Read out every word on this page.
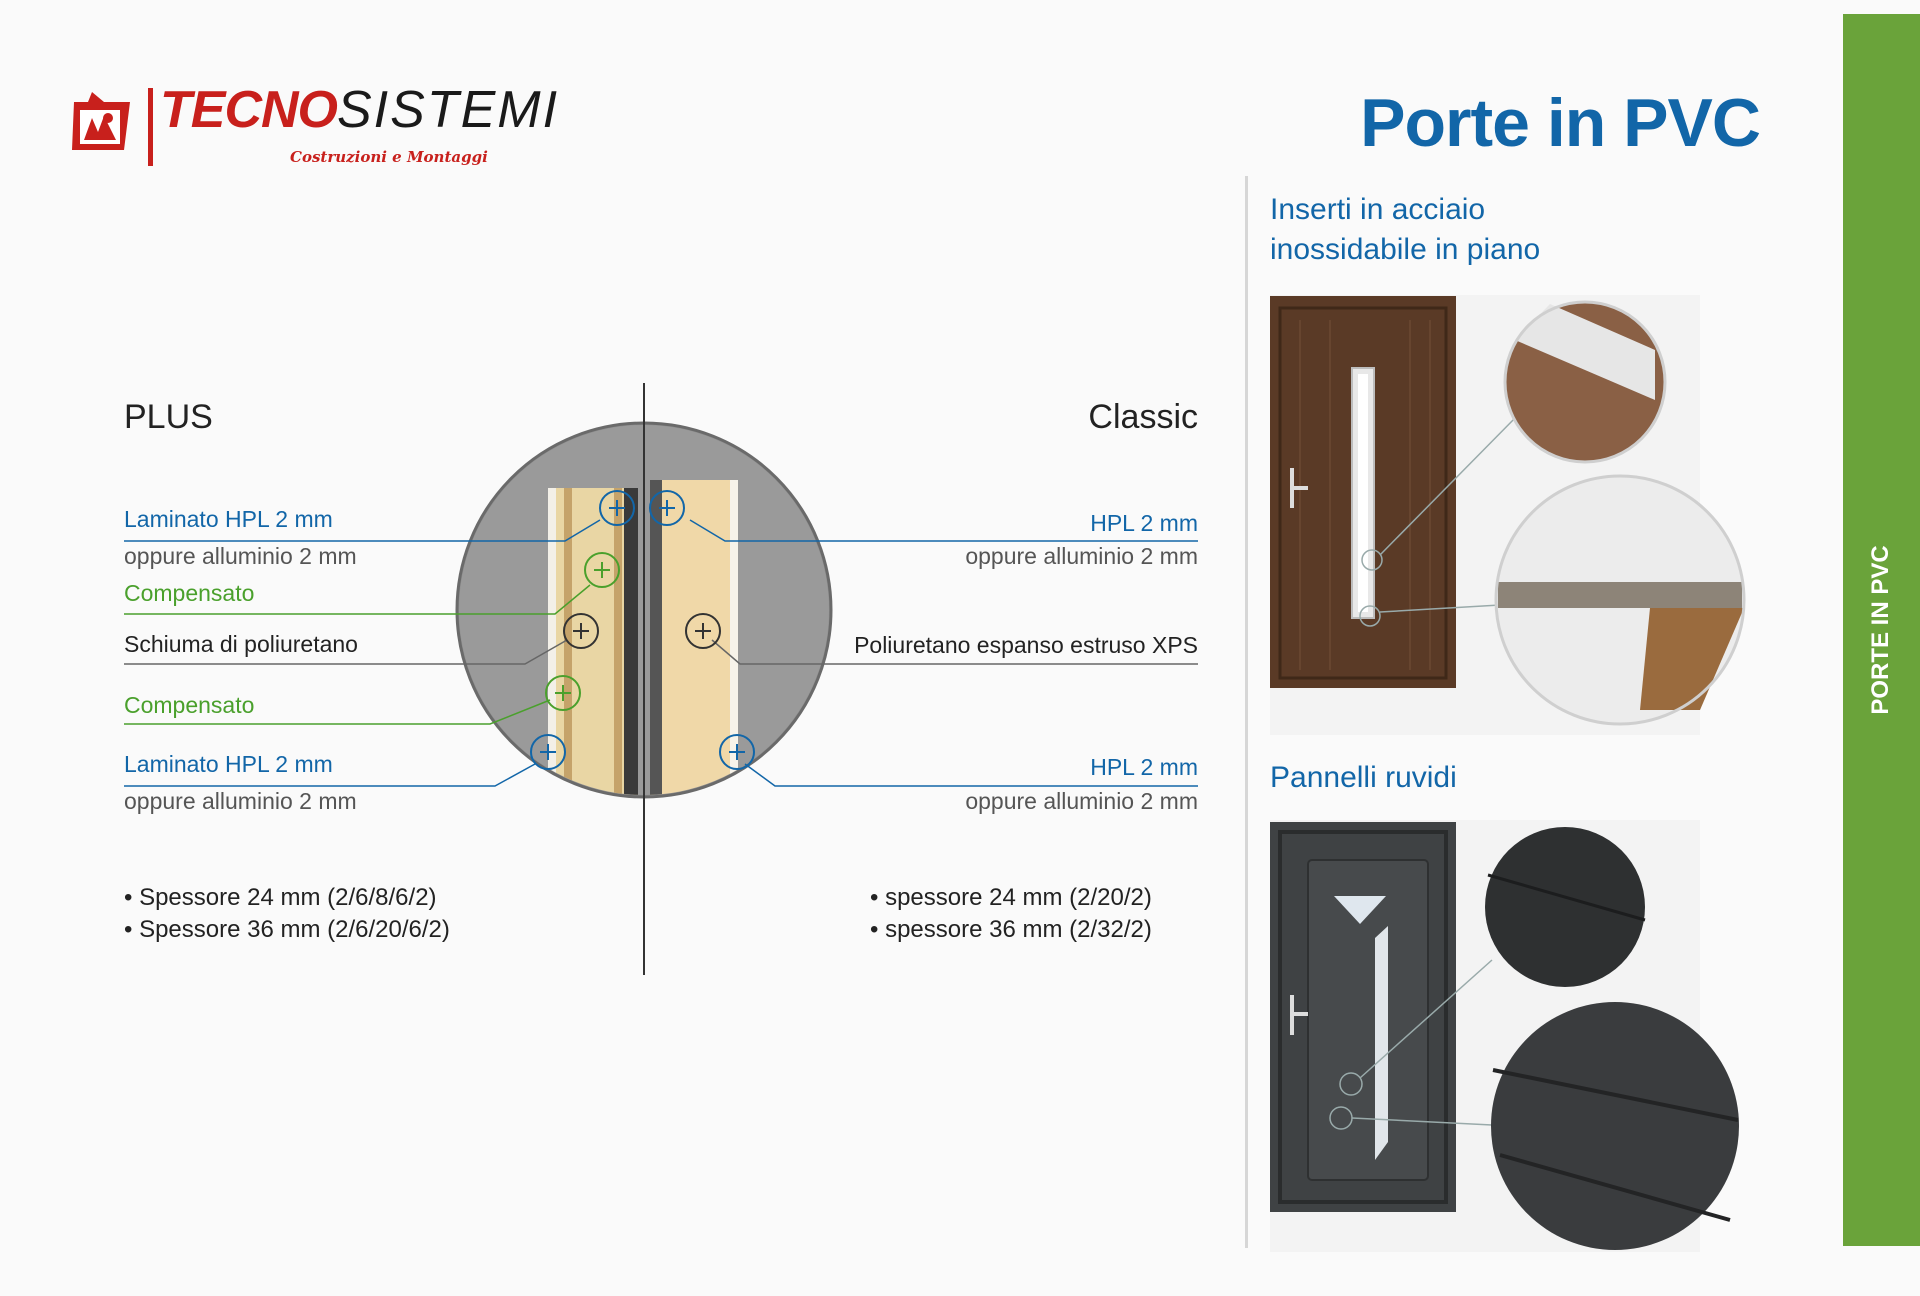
PORTE IN PVC
TECNOSISTEMI
Costruzioni e Montaggi	Porte in PVC
PLUS	Classic
Laminato HPL 2 mm
oppure alluminio 2 mm
Compensato
Schiuma di poliuretano
Compensato
Laminato HPL 2 mm
oppure alluminio 2 mm
HPL 2 mm
oppure alluminio 2 mm
Poliuretano espanso estruso XPS
HPL 2 mm
oppure alluminio 2 mm
• Spessore 24 mm (2/6/8/6/2)
• Spessore 36 mm (2/6/20/6/2)
• spessore 24 mm (2/20/2)
• spessore 36 mm (2/32/2)
Inserti in acciaio
inossidabile in piano
Pannelli ruvidi
